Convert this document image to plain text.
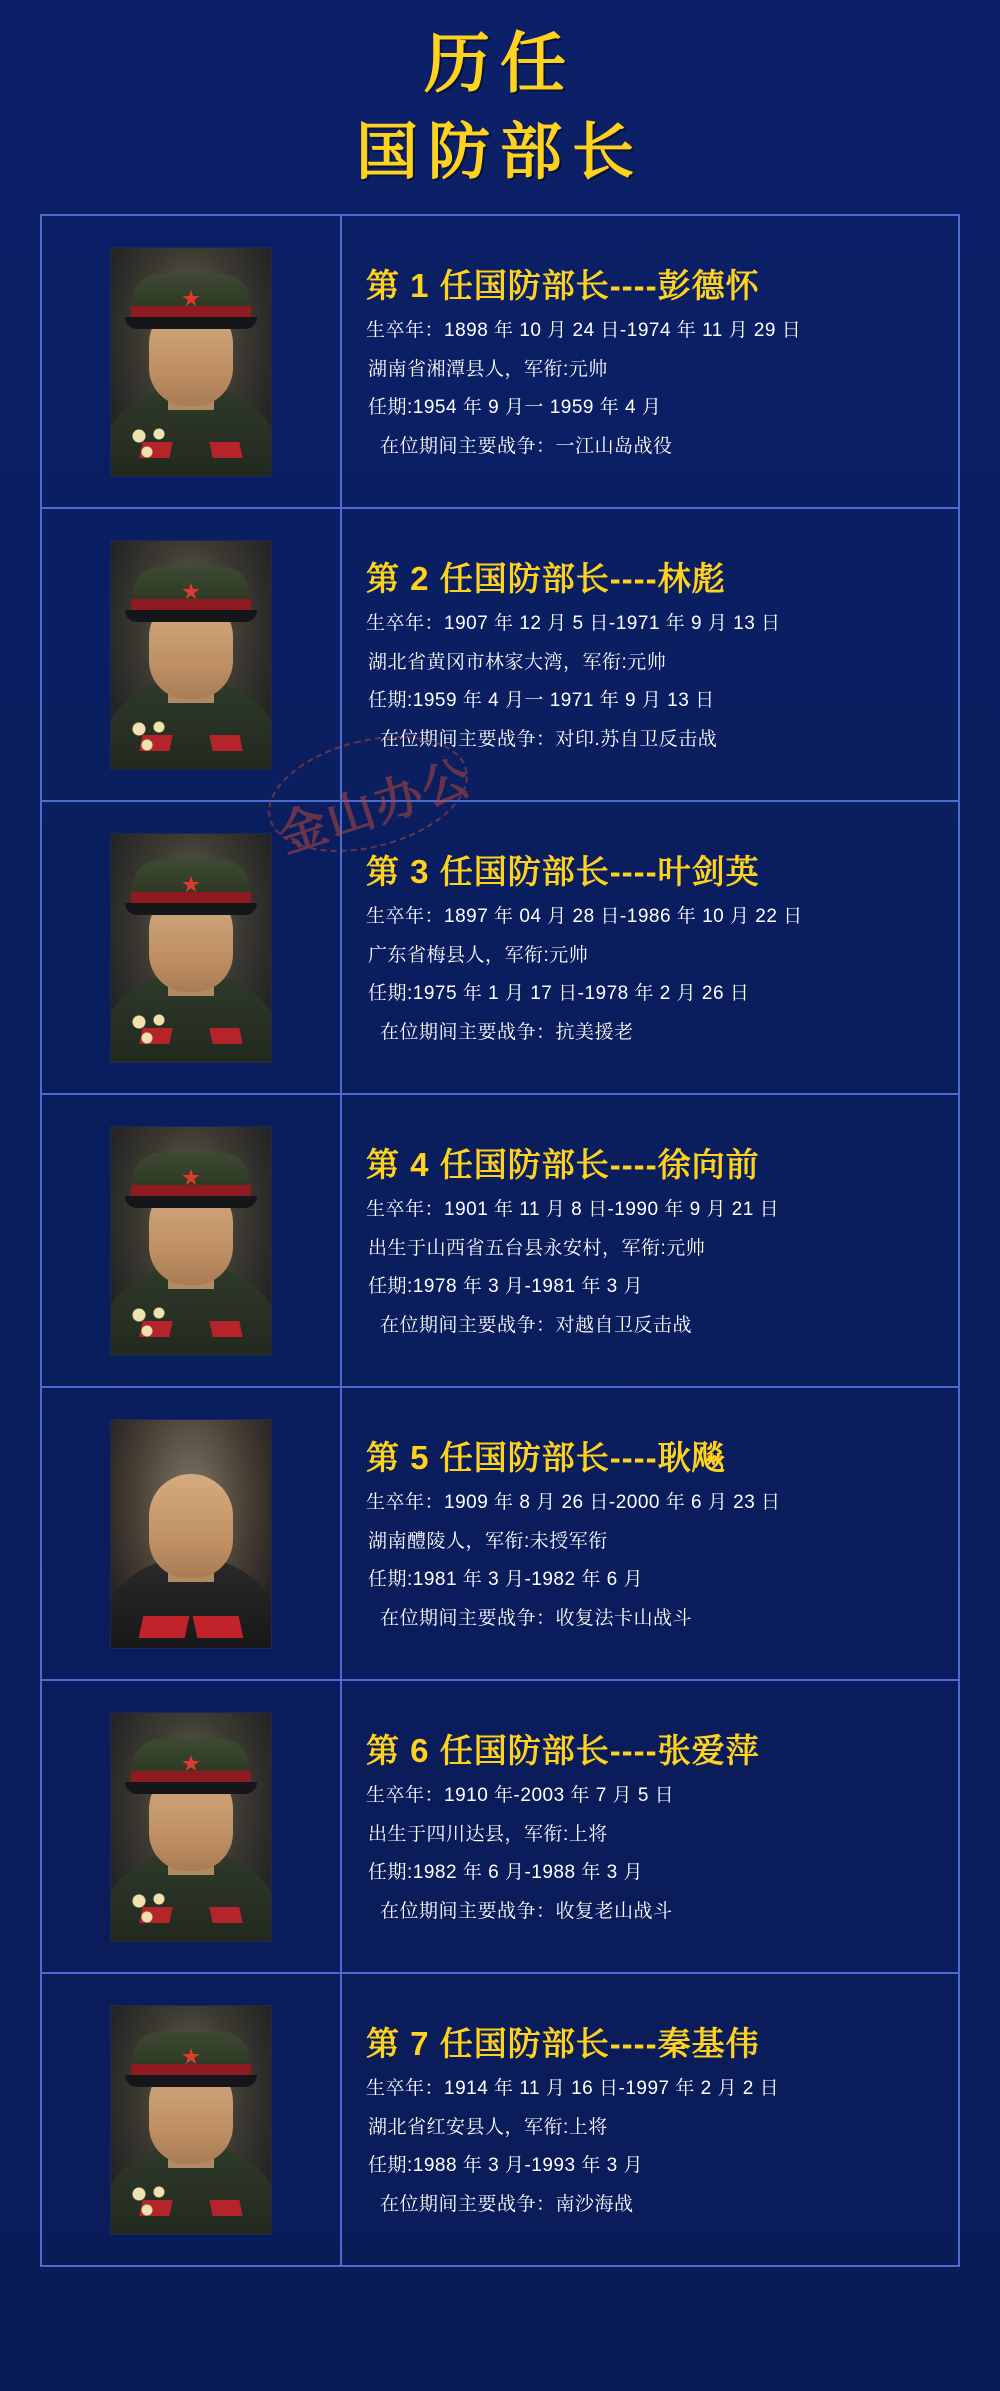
历任
国防部长
第 1 任国防部长----彭德怀
生卒年：1898 年 10 月 24 日-1974 年 11 月 29 日
湖南省湘潭县人，军衔:元帅
任期:1954 年 9 月一 1959 年 4 月
在位期间主要战争：一江山岛战役
第 2 任国防部长----林彪
生卒年：1907 年 12 月 5 日-1971 年 9 月 13 日
湖北省黄冈市林家大湾，军衔:元帅
任期:1959 年 4 月一 1971 年 9 月 13 日
在位期间主要战争：对印.苏自卫反击战
第 3 任国防部长----叶剑英
生卒年：1897 年 04 月 28 日-1986 年 10 月 22 日
广东省梅县人，军衔:元帅
任期:1975 年 1 月 17 日-1978 年 2 月 26 日
在位期间主要战争：抗美援老
第 4 任国防部长----徐向前
生卒年：1901 年 11 月 8 日-1990 年 9 月 21 日
出生于山西省五台县永安村，军衔:元帅
任期:1978 年 3 月-1981 年 3 月
在位期间主要战争：对越自卫反击战
第 5 任国防部长----耿飚
生卒年：1909 年 8 月 26 日-2000 年 6 月 23 日
湖南醴陵人，军衔:未授军衔
任期:1981 年 3 月-1982 年 6 月
在位期间主要战争：收复法卡山战斗
第 6 任国防部长----张爱萍
生卒年：1910 年-2003 年 7 月 5 日
出生于四川达县，军衔:上将
任期:1982 年 6 月-1988 年 3 月
在位期间主要战争：收复老山战斗
第 7 任国防部长----秦基伟
生卒年：1914 年 11 月 16 日-1997 年 2 月 2 日
湖北省红安县人，军衔:上将
任期:1988 年 3 月-1993 年 3 月
在位期间主要战争：南沙海战
金山办公
